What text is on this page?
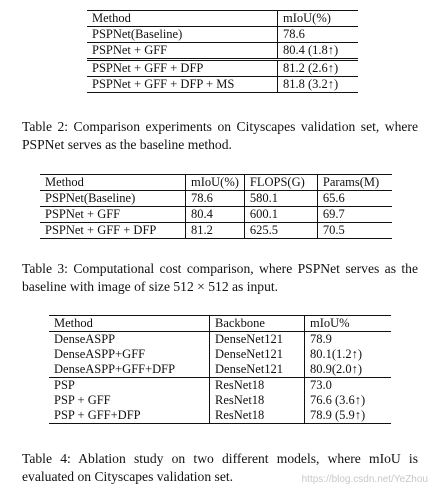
Method	mIoU(%)
PSPNet(Baseline)	78.6
PSPNet + GFF	80.4 (1.8↑)
PSPNet + GFF + DFP	81.2 (2.6↑)
PSPNet + GFF + DFP + MS	81.8 (3.2↑)
Table 2: Comparison experiments on Cityscapes validation set, where PSPNet serves as the baseline method.
Method	mIoU(%)	FLOPS(G)	Params(M)
PSPNet(Baseline)	78.6	580.1	65.6
PSPNet + GFF	80.4	600.1	69.7
PSPNet + GFF + DFP	81.2	625.5	70.5
Table 3: Computational cost comparison, where PSPNet serves as the baseline with image of size 512 × 512 as input.
Method	Backbone	mIoU%
DenseASPP	DenseNet121	78.9
DenseASPP+GFF	DenseNet121	80.1(1.2↑)
DenseASPP+GFF+DFP	DenseNet121	80.9(2.0↑)
PSP	ResNet18	73.0
PSP + GFF	ResNet18	76.6 (3.6↑)
PSP + GFF+DFP	ResNet18	78.9 (5.9↑)
Table 4: Ablation study on two different models, where mIoU is evaluated on Cityscapes validation set.	https://blog.csdn.net/YeZhou
